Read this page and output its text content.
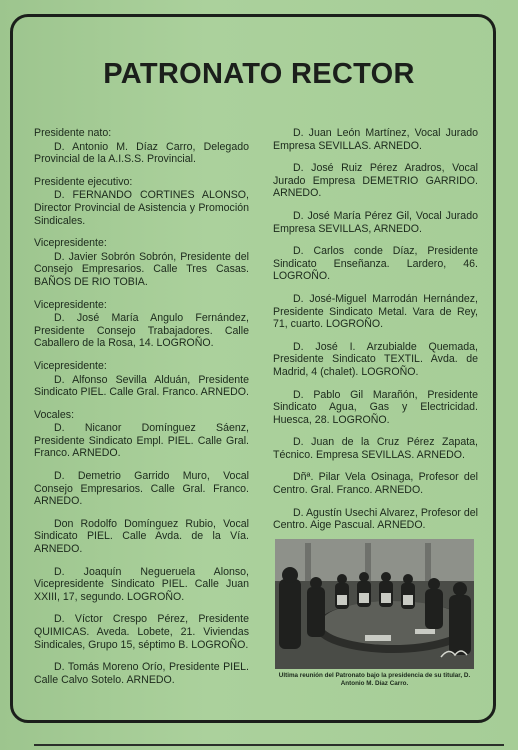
PATRONATO RECTOR
Presidente nato:
D. Antonio M. Díaz Carro, Delegado Provincial de la A.I.S.S. Provincial.
Presidente ejecutivo:
D. FERNANDO CORTINES ALONSO, Director Provincial de Asistencia y Promoción Sindicales.
Vicepresidente:
D. Javier Sobrón Sobrón, Presidente del Consejo Empresarios. Calle Tres Casas. BAÑOS DE RIO TOBIA.
Vicepresidente:
D. José María Angulo Fernández, Presidente Consejo Trabajadores. Calle Caballero de la Rosa, 14. LOGROÑO.
Vicepresidente:
D. Alfonso Sevilla Alduán, Presidente Sindicato PIEL. Calle Gral. Franco. ARNEDO.
Vocales:
D. Nicanor Domínguez Sáenz, Presidente Sindicato Empl. PIEL. Calle Gral. Franco. ARNEDO.
D. Demetrio Garrido Muro, Vocal Consejo Empresarios. Calle Gral. Franco. ARNEDO.
Don Rodolfo Domínguez Rubio, Vocal Sindicato PIEL. Calle Avda. de la Vía. ARNEDO.
D. Joaquín Negueruela Alonso, Vicepresidente Sindicato PIEL. Calle Juan XXIII, 17, segundo. LOGROÑO.
D. Víctor Crespo Pérez, Presidente QUIMICAS. Aveda. Lobete, 21. Viviendas Sindicales, Grupo 15, séptimo B. LOGROÑO.
D. Tomás Moreno Orío, Presidente PIEL. Calle Calvo Sotelo. ARNEDO.
D. Juan León Martínez, Vocal Jurado Empresa SEVILLAS. ARNEDO.
D. José Ruiz Pérez Aradros, Vocal Jurado Empresa DEMETRIO GARRIDO. ARNEDO.
D. José María Pérez Gil, Vocal Jurado Empresa SEVILLAS, ARNEDO.
D. Carlos conde Díaz, Presidente Sindicato Enseñanza. Lardero, 46. LOGROÑO.
D. José-Miguel Marrodán Hernández, Presidente Sindicato Metal. Vara de Rey, 71, cuarto. LOGROÑO.
D. José I. Arzubialde Quemada, Presidente Sindicato TEXTIL. Avda. de Madrid, 4 (chalet). LOGROÑO.
D. Pablo Gil Marañón, Presidente Sindicato Agua, Gas y Electricidad. Huesca, 28. LOGROÑO.
D. Juan de la Cruz Pérez Zapata, Técnico. Empresa SEVILLAS. ARNEDO.
Dñª. Pilar Vela Osinaga, Profesor del Centro. Gral. Franco. ARNEDO.
D. Agustín Usechi Alvarez, Profesor del Centro. Aige Pascual. ARNEDO.
Ultima reunión del Patronato bajo la presidencia de su titular, D. Antonio M. Díaz Carro.
